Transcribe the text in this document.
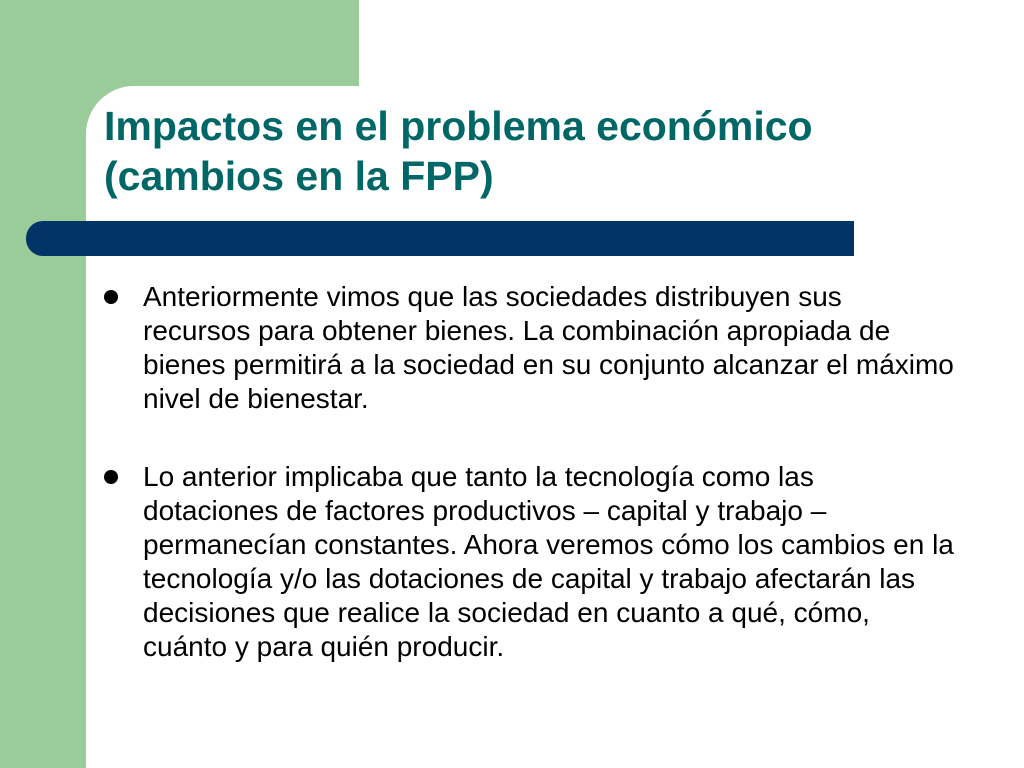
Impactos en el problema económico
(cambios en la FPP)
Anteriormente vimos que las sociedades distribuyen sus recursos para obtener bienes. La combinación apropiada de bienes permitirá a la sociedad en su conjunto alcanzar el máximo nivel de bienestar.
Lo anterior implicaba que tanto la tecnología como las dotaciones de factores productivos – capital y trabajo – permanecían constantes. Ahora veremos cómo los cambios en la tecnología y/o las dotaciones de capital y trabajo afectarán las decisiones que realice la sociedad en cuanto a qué, cómo, cuánto y para quién producir.
